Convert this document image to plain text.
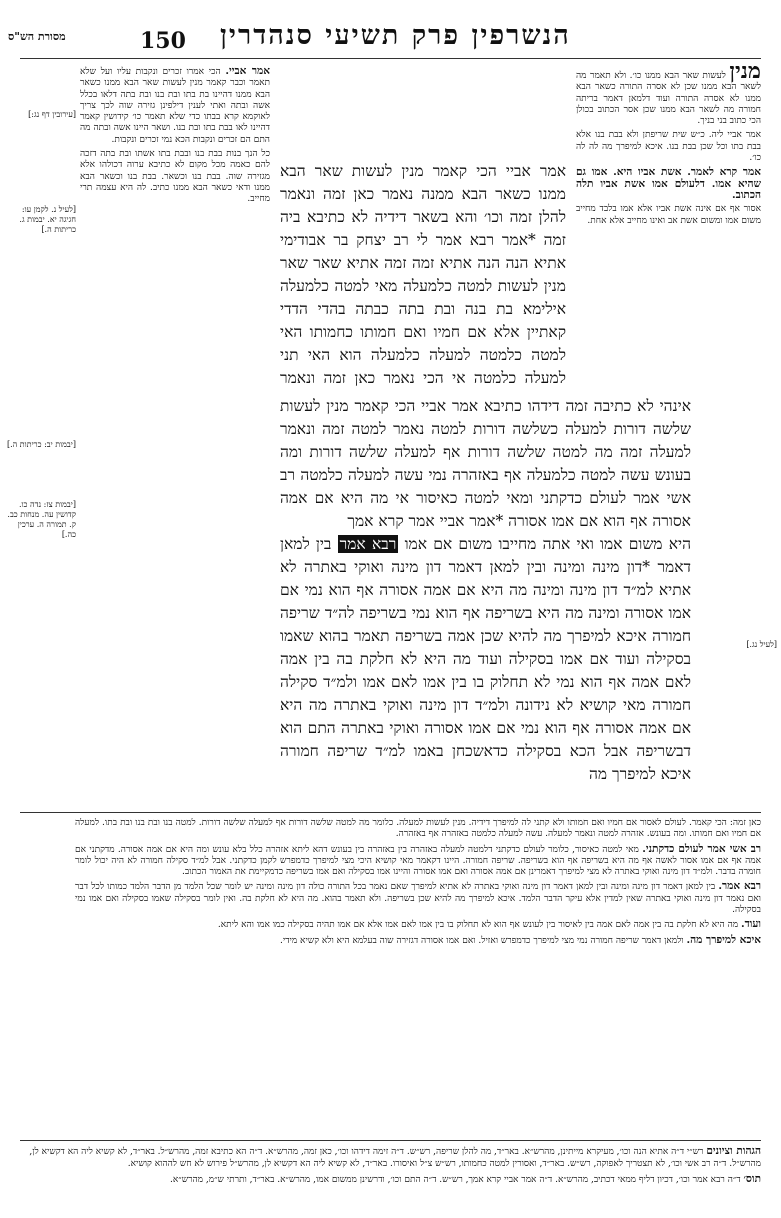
הנשרפין פרק תשיעי סנהדרין
150
מסורת הש"ס

מנין לעשות שאר הבא ממנו כו׳. ולא תאמר מה לשאר הבא ממנו שכן לא אסרה התורה כשאר הבא ממנו לא אסרה התורה ועוד דלמאן דאמר בריתה חמורה מה לשאר הבא ממנו שכן אסר הכתוב בכולן הכי כתוב בני בניך.

אמר אביי ליה. כ״ש שית שריפתן ולא בבת בנו אלא בבת בתו וכל שכן בבת בנו. איכא למיפרך מה לה לה כו׳.

אמר קרא לאמר. אשת אביו היא. אמו גם שהיא אמו. דלעולם אמו אשת אביו תלה הכתוב.

אסור אף אם אינה אשת אביו אלא אמו בלבד מחייב משום אמו ומשום אשת אב ואינו מחייב אלא אחת.

אמר אביי. הכי אמרו זכרים ונקבות עליו ועל שלא תאמר וכבר קאמר מנין לעשות שאר הבא ממנו כשאר הבא ממנו דהיינו בת בתו ובת בנו ובת בתה דלאו בכלל אשה ובתה ואתי לענין דילפינן גזירה שוה לכך צריך לאוקמא קרא בבתו כדי שלא תאמר כו׳ קידושין קאמר דהיינו לאו בבת בתו ובת בנו. ושאר היינו אשה ובתה מה התם הם זכרים ונקבות הכא נמי זכרים ונקבות.

כל הנך בנות בבת בנו ובבת בתו אשתו ובת בתה דזכה להם כאמה מכל מקום לא כתיבא ערוה דכולהו אלא מגזירה שוה. בבת בנו וכשאר. בבת בנו וכשאר הבא ממנו ודאי כשאר הבא ממנו כתיב. לה היא עצמה תרי מחייב.

[עירובין דף נג:]
[לעיל נ. לקמן עו: חגיגה יא. יבמות ג. כריתות ה.]
[יבמות יב: כריתות ה.]
[יבמות צז: נדה כו. קדושין עה. מנחות כב. ק. תמורה ה. ערכין כה.]
[לעיל נג.]

אמר אביי הכי קאמר מנין לעשות שאר הבא ממנו כשאר הבא ממנה נאמר כאן זמה ונאמר להלן זמה וכו׳ והא בשאר דידיה לא כתיבא ביה זמה *אמר רבא אמר לי רב יצחק בר אבודימי אתיא הנה הנה אתיא זמה זמה אתיא שאר שאר מנין לעשות למטה כלמעלה מאי למטה כלמעלה אילימא בת בנה ובת בתה כבתה בהדי הדדי קאתיין אלא אם חמיו ואם חמותו כחמותו האי למטה כלמטה למעלה כלמעלה הוא האי תני למעלה כלמטה אי הכי נאמר כאן זמה ונאמר

אינהי לא כתיבה זמה דידהו כתיבא אמר אביי הכי קאמר מנין לעשות שלשה דורות למעלה כשלשה דורות למטה נאמר למטה זמה ונאמר למעלה זמה מה למטה שלשה דורות אף למעלה שלשה דורות ומה בעונש עשה למטה כלמעלה אף באזהרה נמי עשה למעלה כלמטה רב אשי אמר לעולם כדקתני ומאי למטה כאיסור אי מה היא אם אמה אסורה אף הוא אם אמו אסורה *אמר אביי אמר קרא אמך

היא משום אמו ואי אתה מחייבו משום אם אמו רבא אמר בין למאן דאמר *דון מינה ומינה ובין למאן דאמר דון מינה ואוקי באתרה לא אתיא למ״ד דון מינה ומינה מה היא אם אמה אסורה אף הוא נמי אם אמו אסורה ומינה מה היא בשריפה אף הוא נמי בשריפה לה״ד שריפה חמורה איכא למיפרך מה להיא שכן אמה בשריפה תאמר בהוא שאמו בסקילה ועוד אם אמו בסקילה ועוד מה היא לא חלקת בה בין אמה לאם אמה אף הוא נמי לא תחלוק בו בין אמו לאם אמו ולמ״ד סקילה חמורה מאי קושיא לא נידונה ולמ״ד דון מינה ואוקי באתרה מה היא אם אמה אסורה אף הוא נמי אם אמו אסורה ואוקי באתרה התם הוא דבשריפה אבל הכא בסקילה כדאשכחן באמו למ״ד שריפה חמורה איכא למיפרך מה

כאן זמה: הכי קאמר. לעולם לאסור אם חמיו ואם חמותו ולא קתני לה למיפרך דידיה. מנין לעשות למעלה. כלומר מה למטה שלשה דורות אף למעלה שלשה דורות. למטה בנו ובת בנו ובת בתו. למעלה אם חמיו ואם חמותו. ומה בעונש. אזהרה למטה ונאמר למעלה. עשה למעלה כלמטה באזהרה אף באזהרה.

רב אשי אמר לעולם כדקתני. מאי למטה כאיסור, כלומר לעולם כדקתני דלמטה למעלה באזהרה בין באזהרה בין בעונש דהא ליתא אזהרה כלל בלא עונש ומה היא אם אמה אסורה. מדקתני אם אמה אף אם אמו אסור לאשה אף מה היא בשריפה אף הוא בשריפה. שריפה חמורה. היינו דקאמר מאי קושיא היכי מצי למיפרך כדמפרש לקמן כדקתני. אבל למ״ד סקילה חמורה לא היה יכול לומר חומרה בדבר. ולמ״ד דון מינה ואוקי באתרה לא מצי למיפרך דאמרינן אם אמה אסורה ואם אמו אסורה והיינו אמו בסקילה ואם אמו בשריפה כדמקיימת את האמור הכתוב.

רבא אמר. בין למאן דאמר דון מינה ומינה ובין למאן דאמר דון מינה ואוקי באתרה לא אתיא למיפרך שאם נאמר בכל התורה כולה דון מינה ומינה יש לומר שכל הלמד מן הדבר הלמד כמותו לכל דבר ואם נאמר דון מינה ואוקי באתרה שאין למדין אלא עיקר הדבר הלמד. איכא למיפרך מה להיא שכן בשריפה. ולא תאמר בהוא. מה היא לא חלקת בה. ואין לומר בסקילה שאמו בסקילה ואם אמו נמי בסקילה.

ועוד. מה היא לא חלקת בה בין אמה לאם אמה בין לאיסור בין לעונש אף הוא לא תחלוק בו בין אמו לאם אמו אלא אם אמו תהיה בסקילה כמו אמו והא ליתא.

איכא למיפרך מה. ולמאן דאמר שריפה חמורה נמי מצי למיפרך כדמפרש ואזיל. ואם אמו אסורה דגזירה שוה בעלמא היא ולא קשיא מידי.

הגהות וציונים רש״י ד״ה אתיא הנה וכו׳, מעיקרא מייתינן, מהרש״א. באר״ד, מה להלן שריפה, רש״ש. ד״ה זימה דידהו וכו׳, כאן זמה, מהרש״א. ד״ה הא כתיבא זמה, מהרש״ל. באר״ד, לא קשיא ליה הא דקשיא לן, מהרש״ל. ד״ה רב אשי וכו׳, לא תצטריך לאפוקה, רש״ש. באר״ד, ואסורין למטה כחמותו, רש״ש צ״ל ואיסורו. באר״ד, לא קשיא ליה הא דקשיא לן, מהרש״ל פירוש לא חש לההוא קושיא.

תוס׳ ד״ה רבא אמר וכו׳, דכיון דליף ממאי דכתיב, מהרש״א. ד״ה אמר אביי קרא אמך, רש״ש. ד״ה התם וכו׳, ודרשינן ממשום אמו, מהרש״א. באר״ד, ותרתי ש״מ, מהרש״א.
